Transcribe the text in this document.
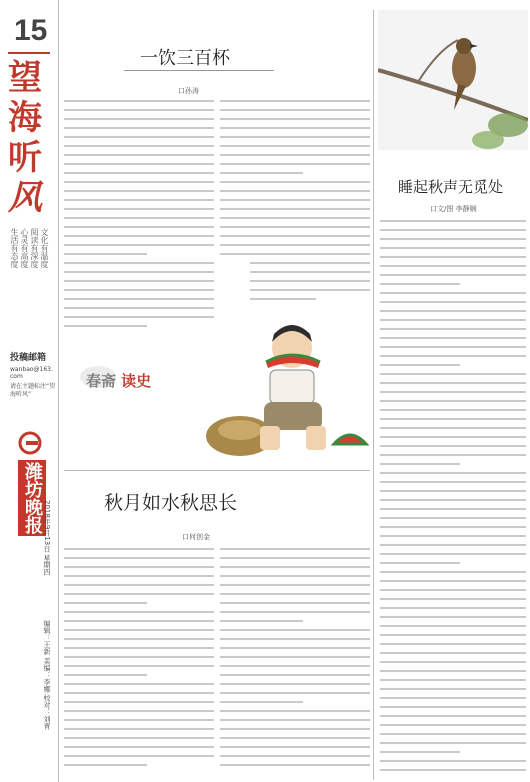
15
望
海
听
风
文化有温度
阅读有深度
心灵有高度
生活有态度
投稿邮箱
wanbao@163.com
请在主题标注“望海听风”
潍坊晚报
2018年9月13日 星期四
编辑：王新 美编：李娜 校对：刘青
一饮三百杯
口孙涛
春斋 读史
秋月如水秋思长
口何创金
睡起秋声无觅处
口文/图 李静娴
